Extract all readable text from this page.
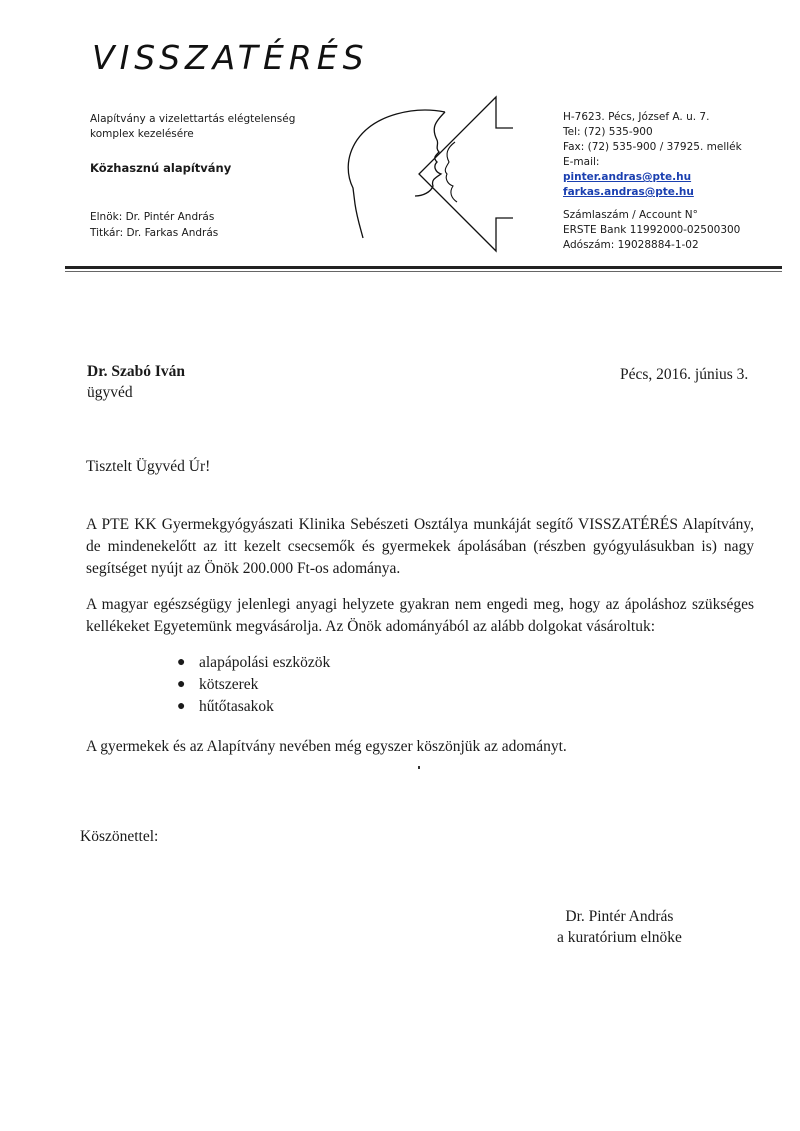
VISSZATÉRÉS
Alapítvány a vizelettartás elégtelenség komplex kezelésére
Közhasznú alapítvány
Elnök: Dr. Pintér András
Titkár: Dr. Farkas András
H-7623. Pécs, József A. u. 7.
Tel: (72) 535-900
Fax: (72) 535-900 / 37925. mellék
E-mail:
pinter.andras@pte.hu
farkas.andras@pte.hu
Számlaszám / Account N°
ERSTE Bank 11992000-02500300
Adószám: 19028884-1-02
Dr. Szabó Iván
ügyvéd
Pécs, 2016. június 3.
Tisztelt Ügyvéd Úr!
A PTE KK Gyermekgyógyászati Klinika Sebészeti Osztálya munkáját segítő VISSZATÉRÉS Alapítvány, de mindenekelőtt az itt kezelt csecsemők és gyermekek ápolásában (részben gyógyulásukban is) nagy segítséget nyújt az Önök 200.000 Ft-os adománya.
A magyar egészségügy jelenlegi anyagi helyzete gyakran nem engedi meg, hogy az ápoláshoz szükséges kellékeket Egyetemünk megvásárolja. Az Önök adományából az alább dolgokat vásároltuk:
● alapápolási eszközök
● kötszerek
● hűtőtasakok
A gyermekek és az Alapítvány nevében még egyszer köszönjük az adományt.
Köszönettel:
Dr. Pintér András
a kuratórium elnöke
